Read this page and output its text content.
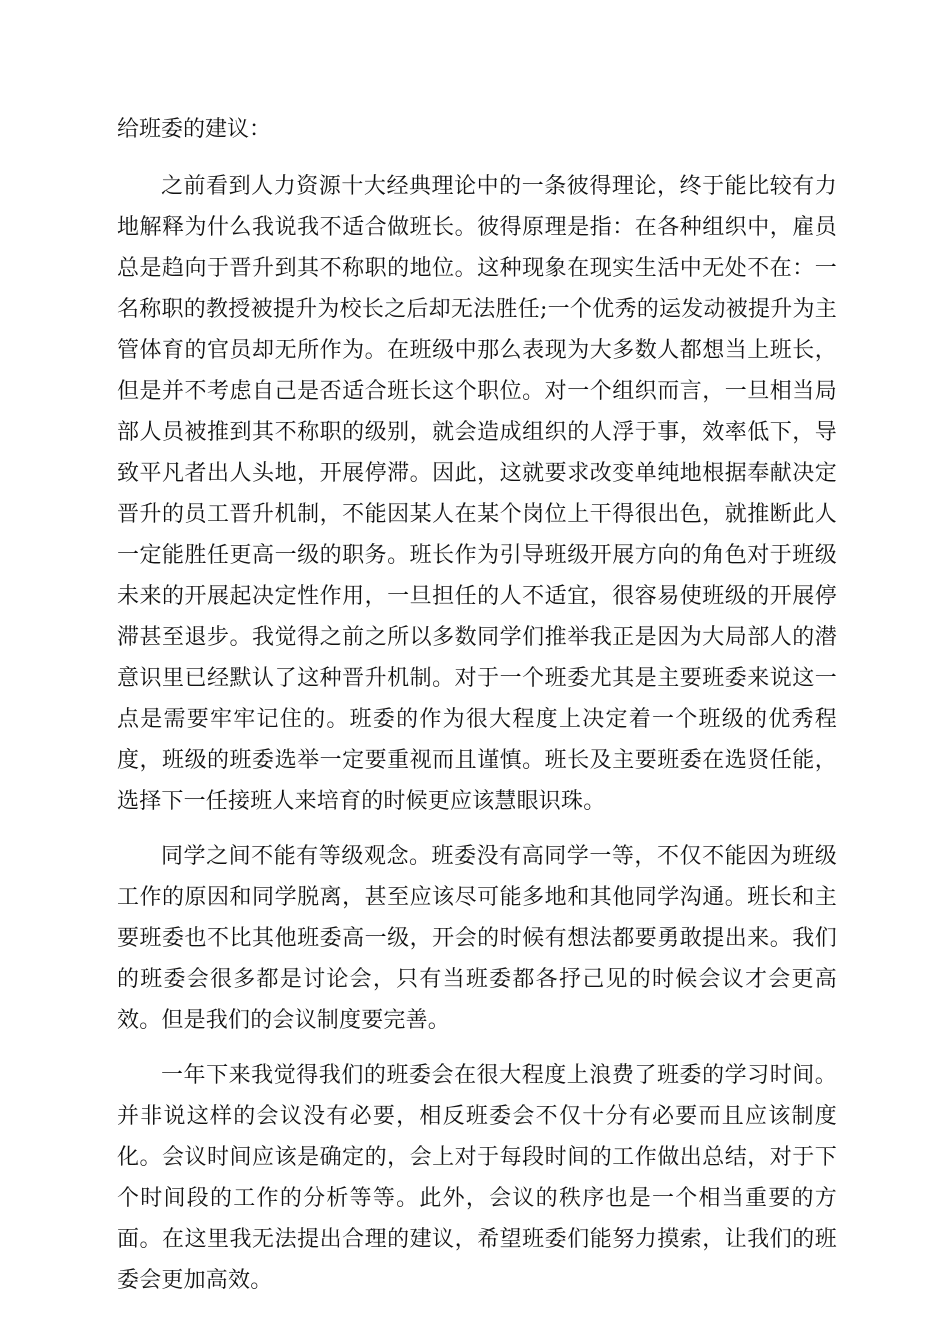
给班委的建议：

之前看到人力资源十大经典理论中的一条彼得理论，终于能比较有力地解释为什么我说我不适合做班长。彼得原理是指：在各种组织中，雇员总是趋向于晋升到其不称职的地位。这种现象在现实生活中无处不在：一名称职的教授被提升为校长之后却无法胜任;一个优秀的运发动被提升为主管体育的官员却无所作为。在班级中那么表现为大多数人都想当上班长，但是并不考虑自己是否适合班长这个职位。对一个组织而言，一旦相当局部人员被推到其不称职的级别，就会造成组织的人浮于事，效率低下，导致平凡者出人头地，开展停滞。因此，这就要求改变单纯地根据奉献决定晋升的员工晋升机制，不能因某人在某个岗位上干得很出色，就推断此人一定能胜任更高一级的职务。班长作为引导班级开展方向的角色对于班级未来的开展起决定性作用，一旦担任的人不适宜，很容易使班级的开展停滞甚至退步。我觉得之前之所以多数同学们推举我正是因为大局部人的潜意识里已经默认了这种晋升机制。对于一个班委尤其是主要班委来说这一点是需要牢牢记住的。班委的作为很大程度上决定着一个班级的优秀程度，班级的班委选举一定要重视而且谨慎。班长及主要班委在选贤任能，选择下一任接班人来培育的时候更应该慧眼识珠。

同学之间不能有等级观念。班委没有高同学一等，不仅不能因为班级工作的原因和同学脱离，甚至应该尽可能多地和其他同学沟通。班长和主要班委也不比其他班委高一级，开会的时候有想法都要勇敢提出来。我们的班委会很多都是讨论会，只有当班委都各抒己见的时候会议才会更高效。但是我们的会议制度要完善。

一年下来我觉得我们的班委会在很大程度上浪费了班委的学习时间。并非说这样的会议没有必要，相反班委会不仅十分有必要而且应该制度化。会议时间应该是确定的，会上对于每段时间的工作做出总结，对于下个时间段的工作的分析等等。此外，会议的秩序也是一个相当重要的方面。在这里我无法提出合理的建议，希望班委们能努力摸索，让我们的班委会更加高效。
